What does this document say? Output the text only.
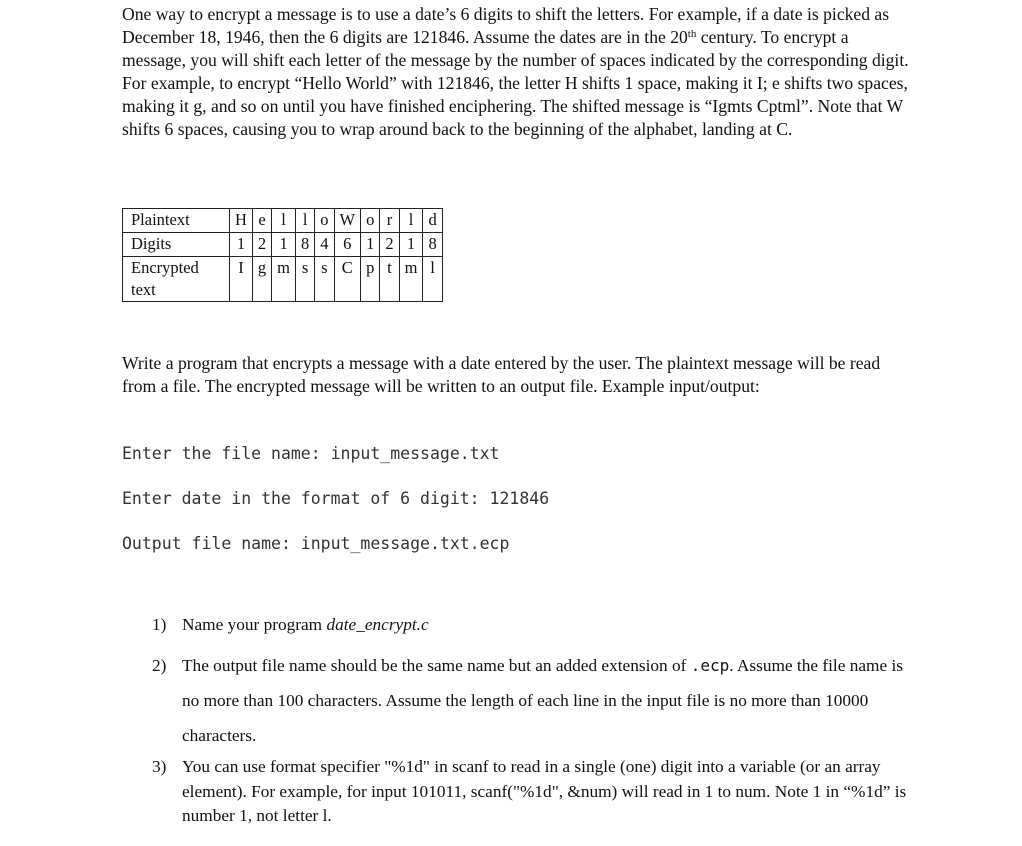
One way to encrypt a message is to use a date’s 6 digits to shift the letters. For example, if a date is picked as December 18, 1946, then the 6 digits are 121846. Assume the dates are in the 20th century. To encrypt a message, you will shift each letter of the message by the number of spaces indicated by the corresponding digit. For example, to encrypt “Hello World” with 121846, the letter H shifts 1 space, making it I; e shifts two spaces, making it g, and so on until you have finished enciphering. The shifted message is “Igmts Cptml”. Note that W shifts 6 spaces, causing you to wrap around back to the beginning of the alphabet, landing at C.

Plaintext	H	e	l	l	o	W	o	r	l	d
Digits	1	2	1	8	4	6	1	2	1	8
Encrypted text	I	g	m	s	s	C	p	t	m	l

Write a program that encrypts a message with a date entered by the user. The plaintext message will be read from a file. The encrypted message will be written to an output file. Example input/output:

Enter the file name: input_message.txt

Enter date in the format of 6 digit: 121846

Output file name: input_message.txt.ecp

1) Name your program date_encrypt.c
2) The output file name should be the same name but an added extension of .ecp. Assume the file name is no more than 100 characters. Assume the length of each line in the input file is no more than 10000 characters.
3) You can use format specifier "%1d" in scanf to read in a single (one) digit into a variable (or an array element). For example, for input 101011, scanf("%1d", &num) will read in 1 to num. Note 1 in “%1d” is number 1, not letter l.
